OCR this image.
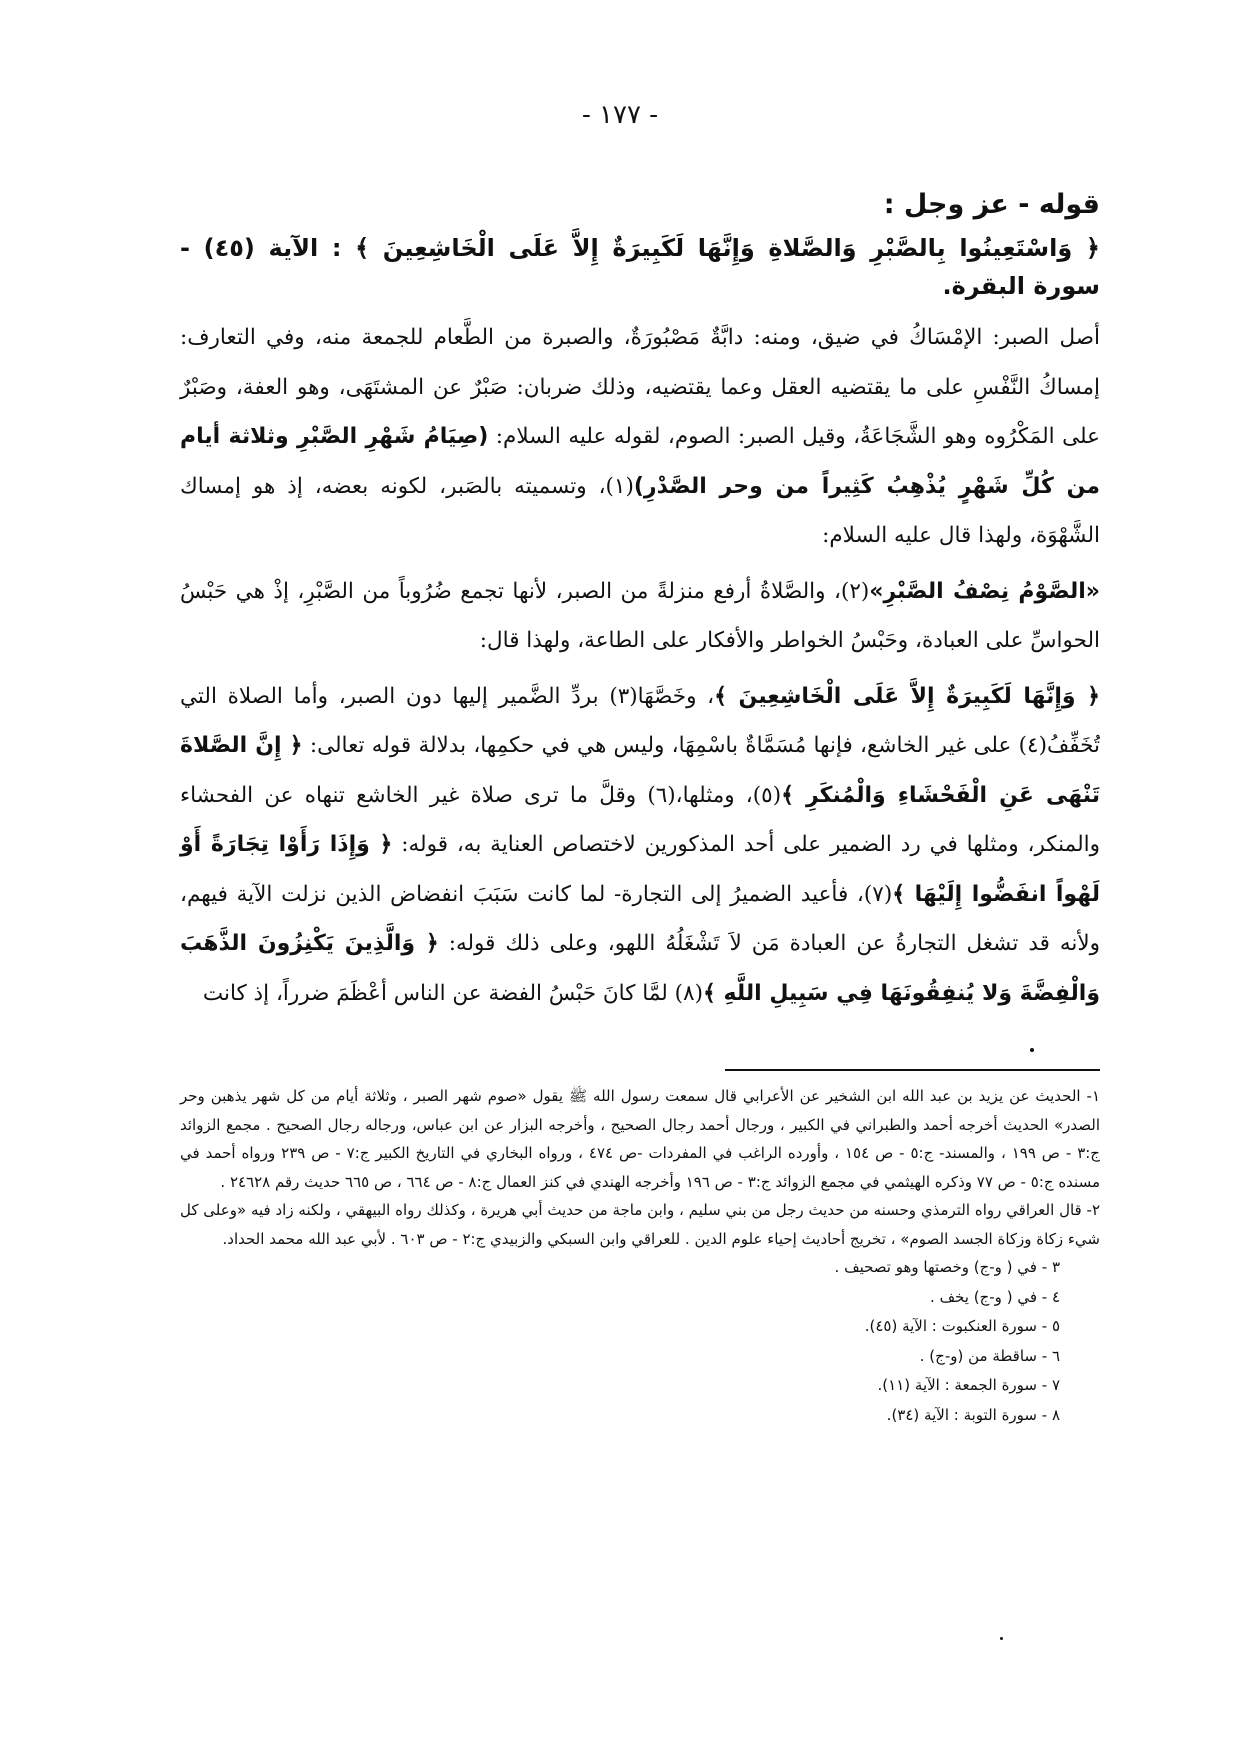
- ١٧٧ -
قوله - عز وجل :
﴿ وَاسْتَعِينُوا بِالصَّبْرِ وَالصَّلاةِ وَإِنَّهَا لَكَبِيرَةٌ إِلاَّ عَلَى الْخَاشِعِينَ ﴾ : الآية (٤٥) - سورة البقرة.

أصل الصبر: الإمْسَاكُ في ضيق، ومنه: دابَّةٌ مَصْبُورَةٌ، والصبرة من الطَّعام للجمعة منه، وفي التعارف: إمساكُ النَّفْسِ على ما يقتضيه العقل وعما يقتضيه، وذلك ضربان: صَبْرٌ عن المشتَهَى، وهو العفة، وصَبْرٌ على المَكْرُوه وهو الشَّجَاعَةُ، وقيل الصبر: الصوم، لقوله عليه السلام: (صِيَامُ شَهْرِ الصَّبْرِ وثلاثة أيام من كُلِّ شَهْرٍ يُذْهِبُ كَثِيراً من وحر الصَّدْرِ)(١)، وتسميته بالصَبر، لكونه بعضه، إذ هو إمساك الشَّهْوَة، ولهذا قال عليه السلام:

«الصَّوْمُ نِصْفُ الصَّبْرِ»(٢)، والصَّلاةُ أرفع منزلةً من الصبر، لأنها تجمع ضُرُوباً من الصَّبْرِ، إذْ هي حَبْسُ الحواسِّ على العبادة، وحَبْسُ الخواطر والأفكار على الطاعة، ولهذا قال:

﴿ وَإِنَّهَا لَكَبِيرَةٌ إِلاَّ عَلَى الْخَاشِعِينَ ﴾، وخَصَّهَا(٣) بردِّ الضَّمير إليها دون الصبر، وأما الصلاة التي تُخَفِّفُ(٤) على غير الخاشع، فإنها مُسَمَّاةٌ باسْمِهَا، وليس هي في حكمِها، بدلالة قوله تعالى: ﴿ إِنَّ الصَّلاةَ تَنْهَى عَنِ الْفَحْشَاءِ وَالْمُنكَرِ ﴾(٥)، ومثلها،(٦) وقلَّ ما ترى صلاة غير الخاشع تنهاه عن الفحشاء والمنكر، ومثلها في رد الضمير على أحد المذكورين لاختصاص العناية به، قوله: ﴿ وَإِذَا رَأَوْا تِجَارَةً أَوْ لَهْواً انفَضُّوا إِلَيْهَا ﴾(٧)، فأعيد الضميرُ إلى التجارة- لما كانت سَبَبَ انفضاض الذين نزلت الآية فيهم، ولأنه قد تشغل التجارةُ عن العبادة مَن لاَ تَشْغَلُهُ اللهو، وعلى ذلك قوله: ﴿ وَالَّذِينَ يَكْنِزُونَ الذَّهَبَ وَالْفِضَّةَ وَلا يُنفِقُونَهَا فِي سَبِيلِ اللَّهِ ﴾(٨) لمَّا كانَ حَبْسُ الفضة عن الناس أعْظَمَ ضرراً، إذ كانت

١- الحديث عن يزيد بن عبد الله ابن الشخير عن الأعرابي قال سمعت رسول الله ﷺ يقول «صوم شهر الصبر ، وثلاثة أيام من كل شهر يذهبن وحر الصدر» الحديث أخرجه أحمد والطبراني في الكبير ، ورجال أحمد رجال الصحيح ، وأخرجه البزار عن ابن عباس، ورجاله رجال الصحيح . مجمع الزوائد ج:٣ - ص ١٩٩ ، والمسند- ج:٥ - ص ١٥٤ ، وأورده الراغب في المفردات -ص ٤٧٤ ، ورواه البخاري في التاريخ الكبير ج:٧ - ص ٢٣٩ ورواه أحمد في مسنده ج:٥ - ص ٧٧ وذكره الهيثمي في مجمع الزوائد ج:٣ - ص ١٩٦ وأخرجه الهندي في كنز العمال ج:٨ - ص ٦٦٤ ، ص ٦٦٥ حديث رقم ٢٤٦٢٨ .

٢- قال العراقي رواه الترمذي وحسنه من حديث رجل من بني سليم ، وابن ماجة من حديث أبي هريرة ، وكذلك رواه البيهقي ، ولكنه زاد فيه «وعلى كل شيء زكاة وزكاة الجسد الصوم» ، تخريج أحاديث إحياء علوم الدين . للعراقي وابن السبكي والزبيدي ج:٢ - ص ٦٠٣ . لأبي عبد الله محمد الحداد.

٣ - في ( و-ج) وخصتها وهو تصحيف .

٤ - في ( و-ج) يخف .

٥ - سورة العنكبوت : الآية (٤٥).

٦ - ساقطة من (و-ج) .

٧ - سورة الجمعة : الآية (١١).

٨ - سورة التوبة : الآية (٣٤).
